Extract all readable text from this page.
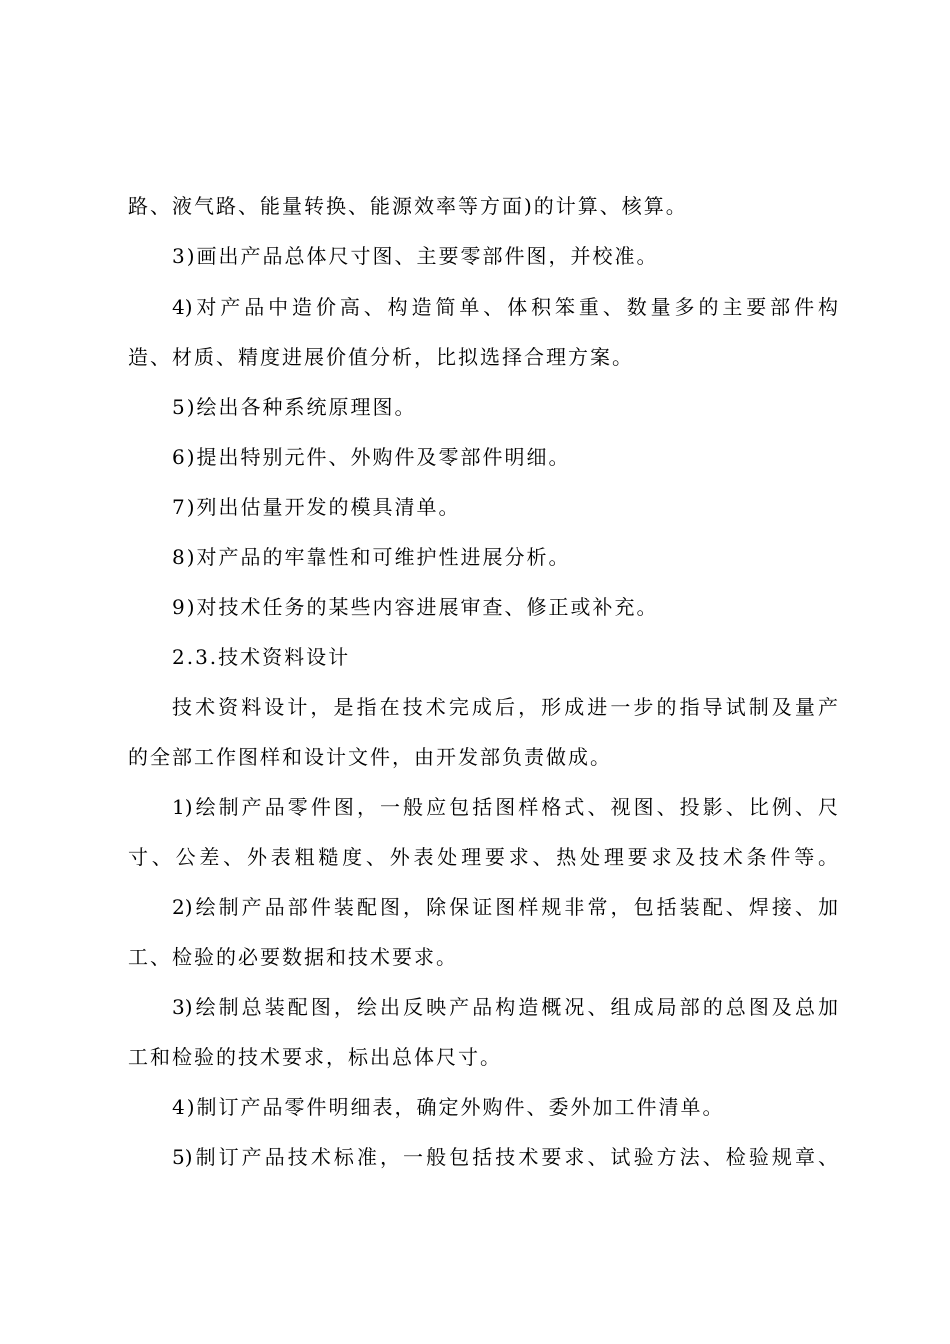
路、液气路、能量转换、能源效率等方面)的计算、核算。
3)画出产品总体尺寸图、主要零部件图，并校准。
4)对产品中造价高、构造简单、体积笨重、数量多的主要部件构
造、材质、精度进展价值分析，比拟选择合理方案。
5)绘出各种系统原理图。
6)提出特别元件、外购件及零部件明细。
7)列出估量开发的模具清单。
8)对产品的牢靠性和可维护性进展分析。
9)对技术任务的某些内容进展审查、修正或补充。
2.3.技术资料设计
技术资料设计，是指在技术完成后，形成进一步的指导试制及量产
的全部工作图样和设计文件，由开发部负责做成。
1)绘制产品零件图，一般应包括图样格式、视图、投影、比例、尺
寸、公差、外表粗糙度、外表处理要求、热处理要求及技术条件等。
2)绘制产品部件装配图，除保证图样规非常，包括装配、焊接、加
工、检验的必要数据和技术要求。
3)绘制总装配图，绘出反映产品构造概况、组成局部的总图及总加
工和检验的技术要求，标出总体尺寸。
4)制订产品零件明细表，确定外购件、委外加工件清单。
5)制订产品技术标准，一般包括技术要求、试验方法、检验规章、
